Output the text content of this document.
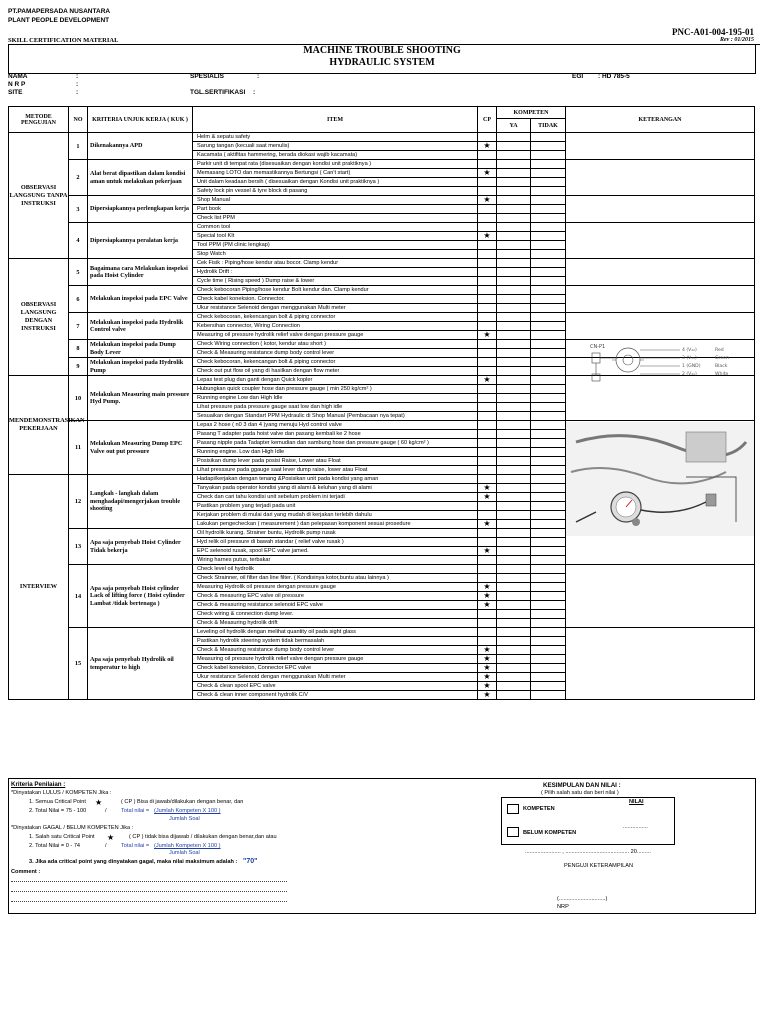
PT.PAMAPERSADA NUSANTARA
PLANT PEOPLE DEVELOPMENT
PNC-A01-004-195-01
Rev : 01/2015
SKILL CERTIFICATION MATERIAL
MACHINE TROUBLE SHOOTING
HYDRAULIC SYSTEM
NAMA	:
N R P	:
SITE	:
SPESIALIS	:
TGL.SERTIFIKASI :
EGI : HD 785-5
METODE PENGUJIAN	NO	KRITERIA UNJUK KERJA ( KUK )	ITEM	CP	KOMPETEN		KETERANGAN
					YA	TIDAK	
OBSERVASI LANGSUNG TANPA INSTRUKSI	1	Dikenakannya APD	Helm & sepatu safety				
			Sarung tangan (kecuali saat menulis)	★			
			Kacamata ( aktifitas hammering, berada diokasi wajib kacamata)				
	2	Alat berat dipastikan dalam kondisi aman untuk melakukan pekerjaan	Parkir unit di tempat rata (disesuaikan dengan kondisi unit praktiknya )				
			Memasang LOTO dan memastikannya Bertungsi ( Can't start)	★			
			Unit dalam keadaan bersih ( disesuaikan dengan Kondisi unit praktiknya )				
			Safety lock pin vessel & tyre block di pasang				
	3	Dipersiapkannya perlengkapan kerja	Shop Manual	★			
			Part book				
			Check list PPM				
	4	Dipersiapkannya peralatan kerja	Common tool				
			Special tool KIt	★			
			Tool PPM (PM clinic lengkap)				
			Stop Watch				
OBSERVASI LANGSUNG DENGAN INSTRUKSI	5	Bagaimana cara Melakukan inspeksi pada Hoist Cylinder	Cek Fisik : Piping/hose kendur atau bocor. Clamp kendur				
			Hydrolik Drift :				
			Cycle time ( Rising speed ) Dump raise & lower				
	6	Melakukan inspeksi pada EPC Valve	Check kebocoran Piping/hose kendur Bolt kendur dan. Clamp kendur				
			Check kabel koneksion. Connector.				
			Ukur resistance Selenoid dengan menggunakan Multi meter				
	7	Melakukan inspeksi pada Hydrolik Control valve	Check kebocoran, kekencangan bolt & piping connector				
			Kebersihan connector, Wiring Connection				
			Measuring oil pressure hydrolik relief valve dengan pressure gauge	★			
	8	Melakukan inspeksi pada Dump Body Lever	Check Wiring connection ( kotor, kendur atau short )				
			Check & Measuring resistance dump body control lever				
	9	Melakukan inspeksi pada Hydrolik Pump	Check kebocoran, kekencangan bolt & piping connector				
			Check out put flow oil yang di hasilkan dengan flow meter				
MENDEMONSTRASIKAN PEKERJAAN	10	Melakukan Measuring main pressure Hyd Pump.	Lepas test plug dan ganti dengan Quick kopler	★			
			Hubungkan quick coupler hose dan pressure gauge ( min 250 kg/cm² )				
			Running engine Low dan High Idle				
			Lihat pressure pada pressure gauge saat low dan high idle				
			Sesuaikan dengan Standart PPM Hydraulic di Shop Manual (Pembacaan nya tepat)				
	11	Melakukan Measuring Dump EPC Valve out put pressure	Lepas 2 hose ( n0 3 dan 4 )yang menuju Hyd control valve				
			Pasang T adapter pada hoist valve dan pasang kembali ke 2 hose				
			Pasang nipple pada Tadapter kemudian dan sambung hose dan pressure gauge ( 60 kg/cm² )				
			Running engine. Low dan High Idle				
			Posisikan dump lever pada posisi Raise, Lower atau Float				
			Lihat presssure pada ggauge saat lever dump raise, lower atau Float				
INTERVIEW	12	Langkah - langkah dalam menghadapi/mengerjakan trouble shooting	Hadapi/kerjakan dengan tenang &Posisikan unit pada kondisi yang aman				
			Tanyakan pada operator kondisi yang di alami & keluhan yang di alami	★			
			Check dan cari tahu kondisi unit sebelum problem ini terjadi	★			
			Pastikan problem yang terjadi pada unit				
			Kerjakan problem di mulai dari yang mudah di kerjakan terlebih dahulu				
			Lakukan pengecheckan ( measurement ) dan pelepasan komponent sesuai prosedure	★			
	13	Apa saja penyebab Hoist Cylinder Tidak bekerja	Oil hydrolik kurang. Strainer buntu, Hydrolik pump rusak				
			Hyd relik oil pressure di bawah standar ( relief valve rusak )				
			EPC selenoid rusak, spool EPC valve jamed.	★			
			Wiring harnes putus, terbakar				
	14	Apa saja penyebab Hoist cylinder Lack of lifting force ( Hoist cylinder Lambat /tidak bertenaga )	Check level oil hydrolik				
			Check Strainner, oil filter dan line filter. ( Kondisinya kotor,buntu atau lainnya )				
			Measuring Hydrolik oil pressure dengan pressure gauge	★			
			Check & measuring EPC valve oil pressure	★			
			Check & measuring resistance selenoid EPC valve	★			
			Check wiring & connection dump lever.				
			Check & Measuring hydrolik drift				
	15	Apa saja penyebab Hydrolik oil temperatur to high	Leveling oil hydrolik dengan melihat quantity oil pada sight glass				
			Pastikan hydrolik steering system tidak bermasalah				
			Check & Measuring resistance dump body control lever	★			
			Measuring oil pressure hydrolik relief valve dengan pressure gauge	★			
			Check kabel koneksion, Connector EPC valve	★			
			Ukur resistance Selenoid dengan menggunakan Multi meter	★			
			Check & clean spool EPC valve	★			
			Check & clean inner component hydrolik C/V	★			
CN-P1
4 (V₂₂)	Red
3 (V₂₁)	Green
1 (GND)	Black
2 (V₂₁)	White
Kriteria Penilaian :
*Dinyatakan LULUS / KOMPETEN Jika :
1. Semua Critical Point ★	( CP ) Bisa di jawab/dilakukan dengan benar, dan
2. Total Nilai = 75 - 100	/	Total nilai = (Jumlah Kompeten X 100 )
Jumlah Soal
*Dinyatakan GAGAL / BELUM KOMPETEN Jika :
1. Salah satu Critical Point ★	( CP ) tidak bisa dijawab / dilakukan dengan benar,dan atau
2. Total Nilai = 0 - 74	/	Total nilai = (Jumlah Kompeten X 100 )
Jumlah Soal
3. Jika ada critical point yang dinyatakan gagal, maka nilai maksimum adalah : "70"
Comment :
KESIMPULAN DAN NILAI :
( Pilih salah satu dan beri nilai )
NILAI
KOMPETEN
BELUM KOMPETEN
................
....................... , ......................................... 20.........
PENGUJI KETERAMPILAN
(..............................)
NRP
